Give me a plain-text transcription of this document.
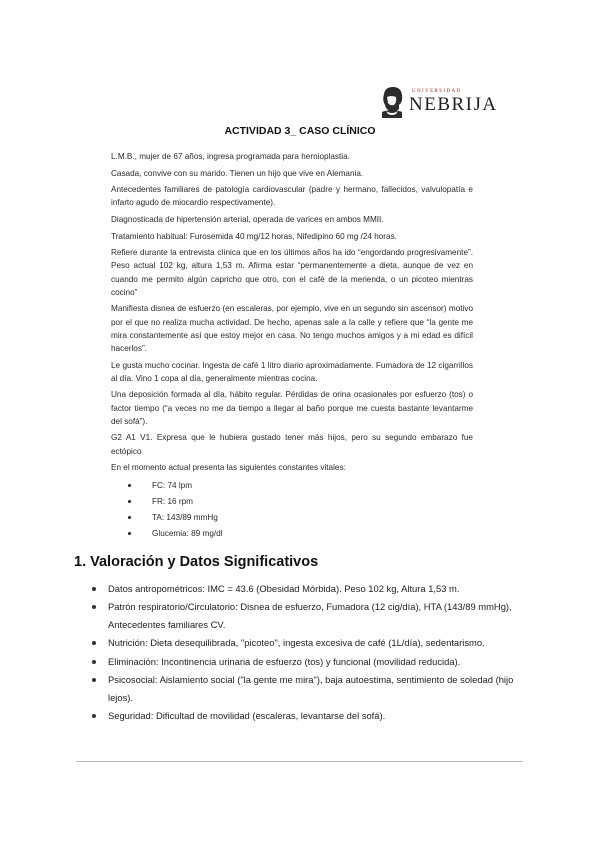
UNIVERSIDAD
NEBRIJA
ACTIVIDAD 3_ CASO CLÍNICO

L.M.B., mujer de 67 años, ingresa programada para hernioplastia.

Casada, convive con su marido. Tienen un hijo que vive en Alemania.

Antecedentes familiares de patología cardiovascular (padre y hermano, fallecidos, valvulopatía e infarto agudo de miocardio respectivamente).

Diagnosticada de hipertensión arterial, operada de varices en ambos MMII.

Tratamiento habitual: Furosemida 40 mg/12 horas, Nifedipino 60 mg /24 horas.

Refiere durante la entrevista clínica que en los últimos años ha ido “engordando progresivamente”. Peso actual 102 kg, altura 1,53 m. Afirma estar “permanentemente a dieta, aunque de vez en cuando me permito algún capricho que otro, con el café de la merienda, o un picoteo mientras cocino”

Manifiesta disnea de esfuerzo (en escaleras, por ejemplo, vive en un segundo sin ascensor) motivo por el que no realiza mucha actividad. De hecho, apenas sale a la calle y refiere que “la gente me mira constantemente así que estoy mejor en casa. No tengo muchos amigos y a mi edad es difícil hacerlos”.

Le gusta mucho cocinar. Ingesta de café 1 litro diario aproximadamente. Fumadora de 12 cigarrillos al día. Vino 1 copa al día, generalmente mientras cocina.

Una deposición formada al día, hábito regular. Pérdidas de orina ocasionales por esfuerzo (tos) o factor tiempo (“a veces no me da tiempo a llegar al baño porque me cuesta bastante levantarme del sofá”).

G2 A1 V1. Expresa que le hubiera gustado tener más hijos, pero su segundo embarazo fue ectópico

En el momento actual presenta las siguientes constantes vitales:

FC: 74 lpm
FR: 16 rpm
TA: 143/89 mmHg
Glucemia: 89 mg/dl
1. Valoración y Datos Significativos
Datos antropométricos: IMC = 43.6 (Obesidad Mórbida). Peso 102 kg, Altura 1,53 m.
Patrón respiratorio/Circulatorio: Disnea de esfuerzo, Fumadora (12 cig/día), HTA (143/89 mmHg), Antecedentes familiares CV.
Nutrición: Dieta desequilibrada, "picoteo", ingesta excesiva de café (1L/día), sedentarismo.
Eliminación: Incontinencia urinaria de esfuerzo (tos) y funcional (movilidad reducida).
Psicosocial: Aislamiento social ("la gente me mira"), baja autoestima, sentimiento de soledad (hijo lejos).
Seguridad: Dificultad de movilidad (escaleras, levantarse del sofá).
